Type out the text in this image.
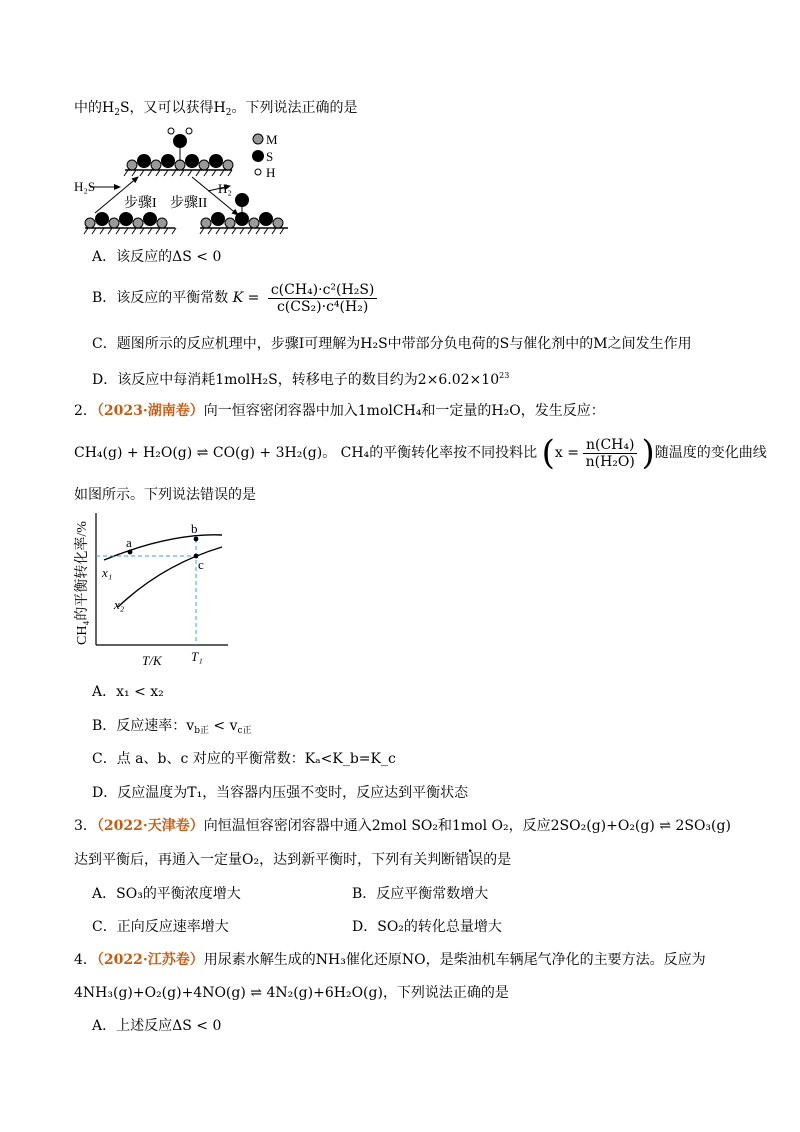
中的$H_2S$，又可以获得$H_2$。下列说法正确的是
M
S
H
H₂S	H₂
步骤I 步骤II
A．该反应的ΔS < 0
B．该反应的平衡常数 $K = \frac{\text{c(CH₄)·c²(H₂S)}}{\text{c(CS₂)·c⁴(H₂)}}$
C．题图所示的反应机理中，步骤Ⅰ可理解为H₂S中带部分负电荷的S与催化剂中的M之间发生作用
D．该反应中每消耗1molH₂S，转移电子的数目约为$2\times 6.02\times 10^{23}$
2．（2023·湖南卷）向一恒容密闭容器中加入1molCH₄和一定量的H₂O，发生反应：
CH₄(g) + H₂O(g) ⇌ CO(g) + 3H₂(g)。 CH₄的平衡转化率按不同投料比 ($x = \frac{\text{n(CH₄)}}{\text{n(H₂O)}}$ )随温度的变化曲线
如图所示。下列说法错误的是
CH₄的平衡转化率/%	a
b
c
x₁
x₂
T/K T₁
A．x₁ < x₂
B．反应速率：$v_{b正} < v_{c正}$
C．点 a、b、c 对应的平衡常数：Kₐ<K_b=K_c
D．反应温度为T₁，当容器内压强不变时，反应达到平衡状态
3．（2022·天津卷）向恒温恒容密闭容器中通入2mol SO₂和1mol O₂，反应2SO₂(g)+O₂(g) ⇌ 2SO₃(g)
达到平衡后，再通入一定量O₂，达到新平衡时，下列有关判断错误的是
A．SO₃的平衡浓度增大	B．反应平衡常数增大
C．正向反应速率增大	D．SO₂的转化总量增大
4．（2022·江苏卷）用尿素水解生成的NH₃催化还原NO，是柴油机车辆尾气净化的主要方法。反应为
4NH₃(g)+O₂(g)+4NO(g) ⇌ 4N₂(g)+6H₂O(g)，下列说法正确的是
A．上述反应ΔS < 0
